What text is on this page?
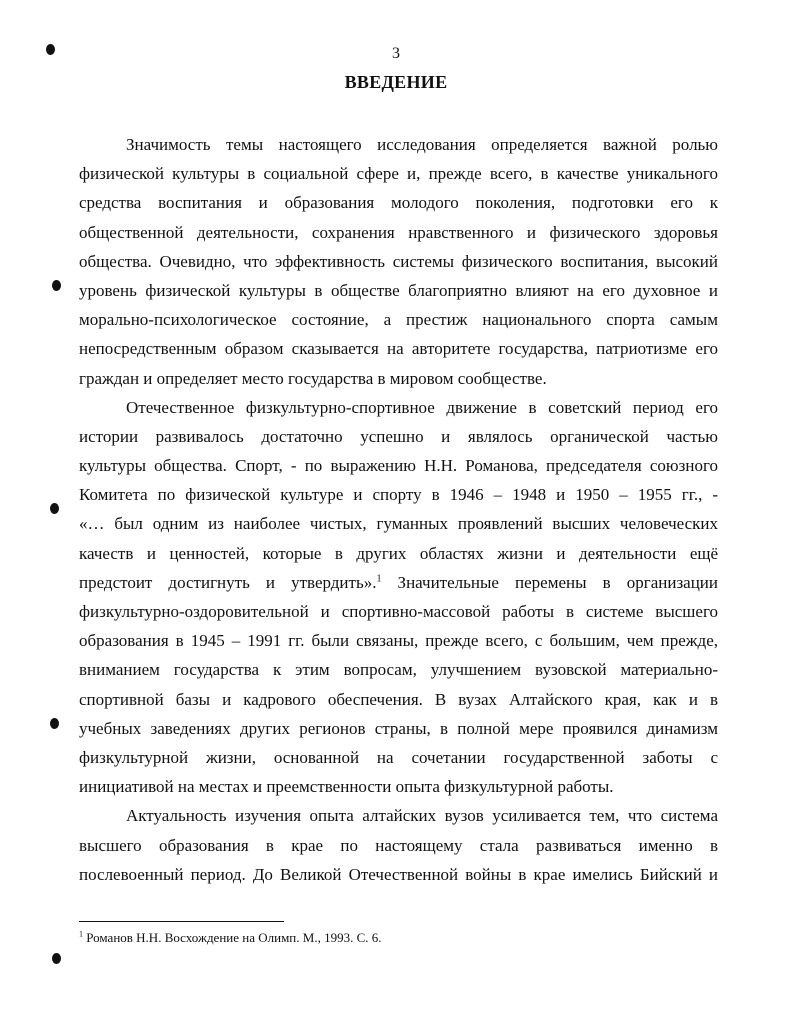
3
ВВЕДЕНИЕ
Значимость темы настоящего исследования определяется важной ролью
физической культуры в социальной сфере и, прежде всего, в качестве уникального
средства воспитания и образования молодого поколения, подготовки его к
общественной деятельности, сохранения нравственного и физического здоровья
общества. Очевидно, что эффективность системы физического воспитания, высокий
уровень физической культуры в обществе благоприятно влияют на его духовное и
морально-психологическое состояние, а престиж национального спорта самым
непосредственным образом сказывается на авторитете государства, патриотизме его
граждан и определяет место государства в мировом сообществе.
Отечественное физкультурно-спортивное движение в советский период его
истории развивалось достаточно успешно и являлось органической частью
культуры общества. Спорт, - по выражению Н.Н. Романова, председателя союзного
Комитета по физической культуре и спорту в 1946 – 1948 и 1950 – 1955 гг., -
«… был одним из наиболее чистых, гуманных проявлений высших человеческих
качеств и ценностей, которые в других областях жизни и деятельности ещё
предстоит достигнуть и утвердить».$^1$ Значительные перемены в организации
физкультурно-оздоровительной и спортивно-массовой работы в системе высшего
образования в 1945 – 1991 гг. были связаны, прежде всего, с большим, чем прежде,
вниманием государства к этим вопросам, улучшением вузовской материально-
спортивной базы и кадрового обеспечения. В вузах Алтайского края, как и в
учебных заведениях других регионов страны, в полной мере проявился динамизм
физкультурной жизни, основанной на сочетании государственной заботы с
инициативой на местах и преемственности опыта физкультурной работы.
Актуальность изучения опыта алтайских вузов усиливается тем, что система
высшего образования в крае по настоящему стала развиваться именно в
послевоенный период. До Великой Отечественной войны в крае имелись Бийский и
$^1$ Романов Н.Н. Восхождение на Олимп. М., 1993. С. 6.
